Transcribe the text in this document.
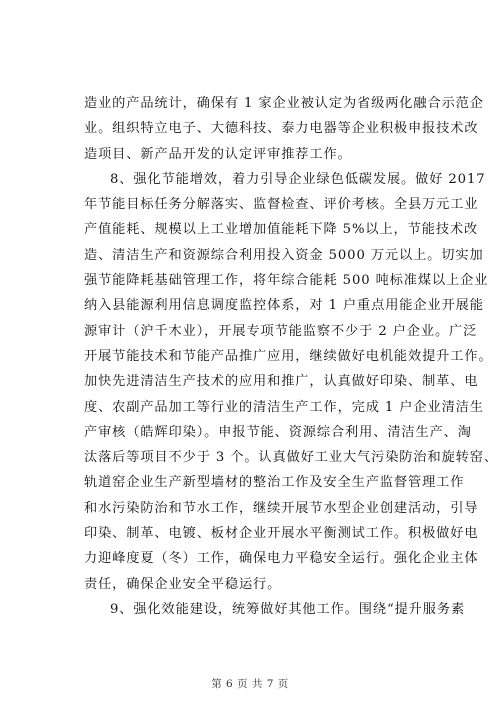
造业的产品统计，确保有 1 家企业被认定为省级两化融合示范企
业。组织特立电子、大德科技、泰力电器等企业积极申报技术改
造项目、新产品开发的认定评审推荐工作。
8、强化节能增效，着力引导企业绿色低碳发展。做好 2017
年节能目标任务分解落实、监督检查、评价考核。全县万元工业
产值能耗、规模以上工业增加值能耗下降 5%以上，节能技术改
造、清洁生产和资源综合利用投入资金 5000 万元以上。切实加
强节能降耗基础管理工作，将年综合能耗 500 吨标准煤以上企业
纳入县能源利用信息调度监控体系，对 1 户重点用能企业开展能
源审计（沪千木业），开展专项节能监察不少于 2 户企业。广泛
开展节能技术和节能产品推广应用，继续做好电机能效提升工作。
加快先进清洁生产技术的应用和推广，认真做好印染、制革、电
度、农副产品加工等行业的清洁生产工作，完成 1 户企业清洁生
产审核（皓辉印染）。申报节能、资源综合利用、清洁生产、淘
汰落后等项目不少于 3 个。认真做好工业大气污染防治和旋转窑、
轨道窑企业生产新型墙材的整治工作及安全生产监督管理工作
和水污染防治和节水工作，继续开展节水型企业创建活动，引导
印染、制革、电镀、板材企业开展水平衡测试工作。积极做好电
力迎峰度夏（冬）工作，确保电力平稳安全运行。强化企业主体
责任，确保企业安全平稳运行。
9、强化效能建设，统筹做好其他工作。围绕“提升服务素
第 6 页 共 7 页
